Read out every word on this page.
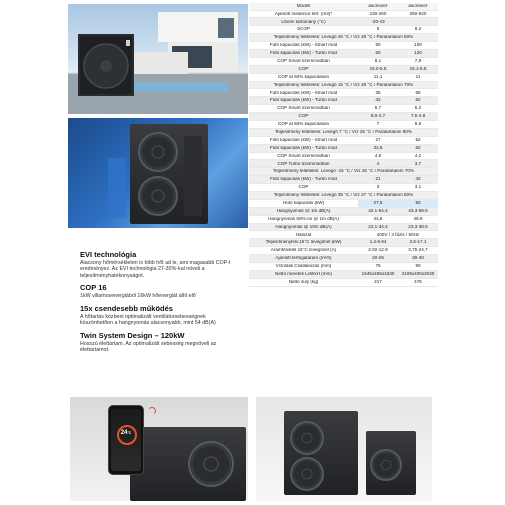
Modell	JBCR150T	JBCR300T
Ajánlott medence térf. (m3)*	130-260	260-520
Üzemi tartomány (°C)	-20-43
SCOP	9	9,2
Teljesítmény feltételek: Levegő 26 °C / Víz 26 °C / Páratartalom 80%
Fűtő kapacitás (kW) - Smart mód	50	100
Fűtő kapacitás (kW) - Turbo mód	60	120
COP Smart üzemmódban	8,1	7,9
COP	15.0-6.5	15.1-6.5
COP at 50% kapacitáson	11,1	11
Teljesítmény feltételek: Levegő 15 °C / Víz 26 °C / Páratartalom 70%
Fűtő kapacitás (kW) - Smart mód	35	68
Fűtő kapacitás (kW) - Turbo mód	42	82
COP Smart üzemmódban	5,7	5,2
COP	8.0-4.7	7.5-4.8
COP at 50% kapacitáson	7	6,8
Teljesítmény feltételek: Levegő 7 °C / Víz 26 °C / Páratartalom 90%
Fűtő kapacitás (kW) - Smart mód	27	52
Fűtő kapacitás (kW) - Turbo mód	32,5	62
COP Smart üzemmódban	4,5	4,2
COP Turbo üzemmódban	4	3,7
Teljesítmény feltételek: Levegő -15 °C / Víz 26 °C / Páratartalom 70%
Fűtő kapacitás (kW) - Turbo mód	21	42
COP	3	3,1
Teljesítmény feltételek: Levegő 35 °C / Víz 27 °C / Páratartalom 80%
Hűtő kapacitás (kW)	27,5	50
Hangnyomás @ 1m dB(A)	42.1-54.4	43.3-58.5
Hangnyomás 50%-on @ 1m dB(A)	44,8	48.9
Hangnyomás @ 10m dB(A)	22.1-34.4	23.3-38.5
Hálózat	400V / 3 fázis / 50Hz
Teljesítményfelv.15°C levegőnél (kW)	1,4-6.94	2,6-17.1
Áramfelvétel 15°C levegőnél (A)	2.02-12.9	3,75-24,7
Ajánlott térfogatáram (m³/h)	20-25	30-40
Vízoldali Csatlakozás (mm)	75	90
Nettó méretek LxWxH (mm)	1545x456x1630	2109x400x2040
Nettó súly (kg)	217	476
EVI technológia
Alacsony hőmérsékleten is több hőt ad le, ami magasabb COP-t eredményez. Az EVI technológia 27-30%-kal növeli a teljesítményhatékonyságot.
COP 16
1kW villamosenergiából 16kW hőenergiát állít elő
15x csendesebb működés
A hőtartás közbeni optimalizált ventilátorsebességnek köszönhetően a hangnyomás alacsonyabb, mint 54 dB(A)
Twin System Design – 120kW
Hosszú élettartam. Az optimalizált sebesség megnöveli az élettartamot.
24°C
